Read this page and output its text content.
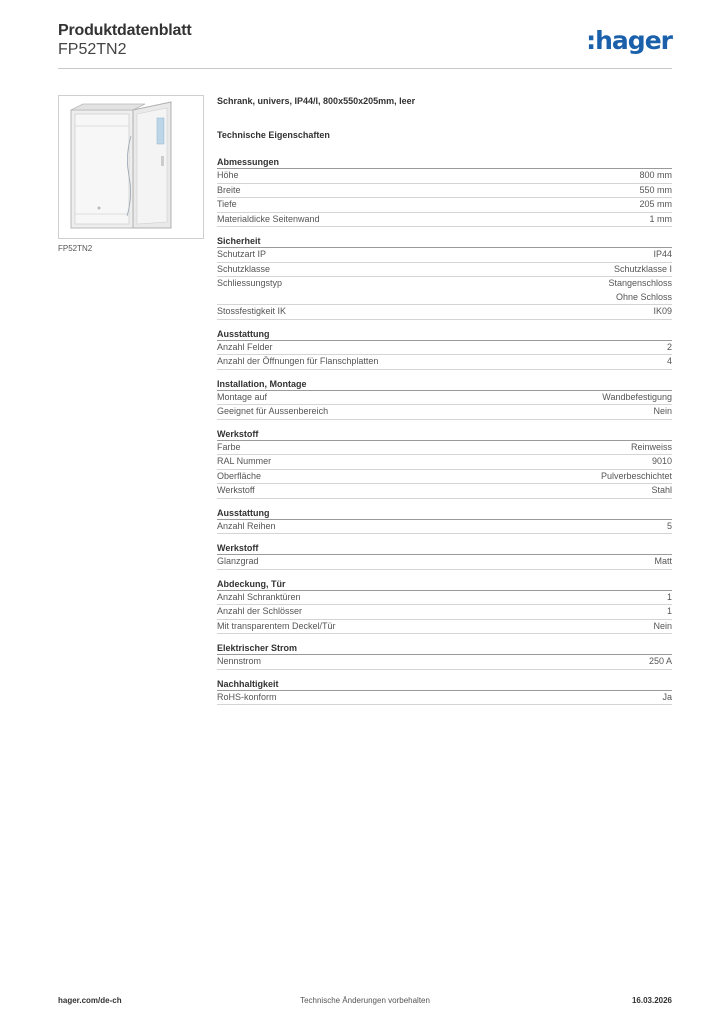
Produktdatenblatt
FP52TN2	:hager
FP52TN2
Schrank, univers, IP44/I, 800x550x205mm, leer
Technische Eigenschaften
Abmessungen
Höhe	800 mm
Breite	550 mm
Tiefe	205 mm
Materialdicke Seitenwand	1 mm
Sicherheit
Schutzart IP	IP44
Schutzklasse	Schutzklasse I
Schliessungstyp	Stangenschloss
Ohne Schloss
Stossfestigkeit IK	IK09
Ausstattung
Anzahl Felder	2
Anzahl der Öffnungen für Flanschplatten	4
Installation, Montage
Montage auf	Wandbefestigung
Geeignet für Aussenbereich	Nein
Werkstoff
Farbe	Reinweiss
RAL Nummer	9010
Oberfläche	Pulverbeschichtet
Werkstoff	Stahl
Ausstattung
Anzahl Reihen	5
Werkstoff
Glanzgrad	Matt
Abdeckung, Tür
Anzahl Schranktüren	1
Anzahl der Schlösser	1
Mit transparentem Deckel/Tür	Nein
Elektrischer Strom
Nennstrom	250 A
Nachhaltigkeit
RoHS-konform	Ja
hager.com/de-ch	Technische Änderungen vorbehalten	16.03.2026
